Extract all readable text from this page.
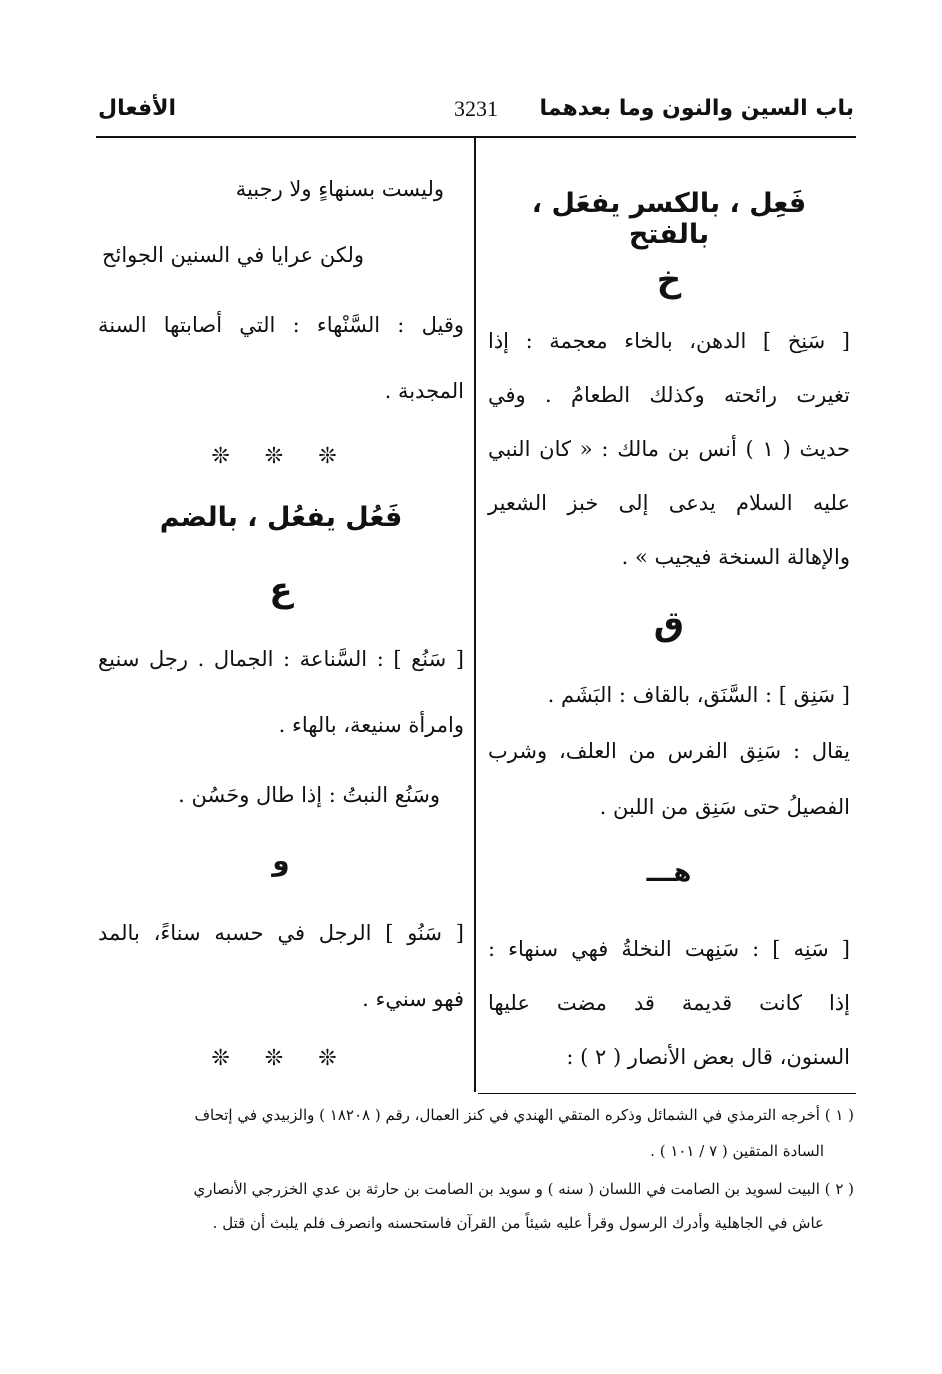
الأفعال	3231	باب السين والنون وما بعدهما
فَعِل ، بالكسر يفعَل ، بالفتح
خ
[ سَنِخ ] الدهن، بالخاء معجمة : إذا
تغيرت رائحته وكذلك الطعامُ . وفي
حديث ( ١ ) أنس بن مالك : « كان النبي
عليه السلام يدعى إلى خبز الشعير
والإهالة السنخة فيجيب » .
ق
[ سَنِق ] : السَّنَق، بالقاف : البَشَم .
يقال : سَنِق الفرس من العلف، وشرب
الفصيلُ حتى سَنِق من اللبن .
هـــ
[ سَنِه ] : سَنِهت النخلةُ فهي سنهاء :
إذا كانت قديمة قد مضت عليها
السنون، قال بعض الأنصار ( ٢ ) :
وليست بسنهاءٍ ولا رجبية
ولكن عرايا في السنين الجوائح
وقيل : السَّنْهاء : التي أصابتها السنة
المجدبة .
❊ ❊ ❊
فَعُل يفعُل ، بالضم
ع
[ سَنُع ] : السَّناعة : الجمال . رجل سنيع
وامرأة سنيعة، بالهاء .
وسَنُع النبتُ : إذا طال وحَسُن .
و
[ سَنُو ] الرجل في حسبه سناءً، بالمد
فهو سنيء .
❊ ❊ ❊
( ١ ) أخرجه الترمذي في الشمائل وذكره المتقي الهندي في كنز العمال، رقم ( ١٨٢٠٨ ) والزبيدي في إتحاف
السادة المتقين ( ٧ / ١٠١ ) .
( ٢ ) البيت لسويد بن الصامت في اللسان ( سنه ) و سويد بن الصامت بن حارثة بن عدي الخزرجي الأنصاري
عاش في الجاهلية وأدرك الرسول وقرأ عليه شيئاً من القرآن فاستحسنه وانصرف فلم يلبث أن قتل .
